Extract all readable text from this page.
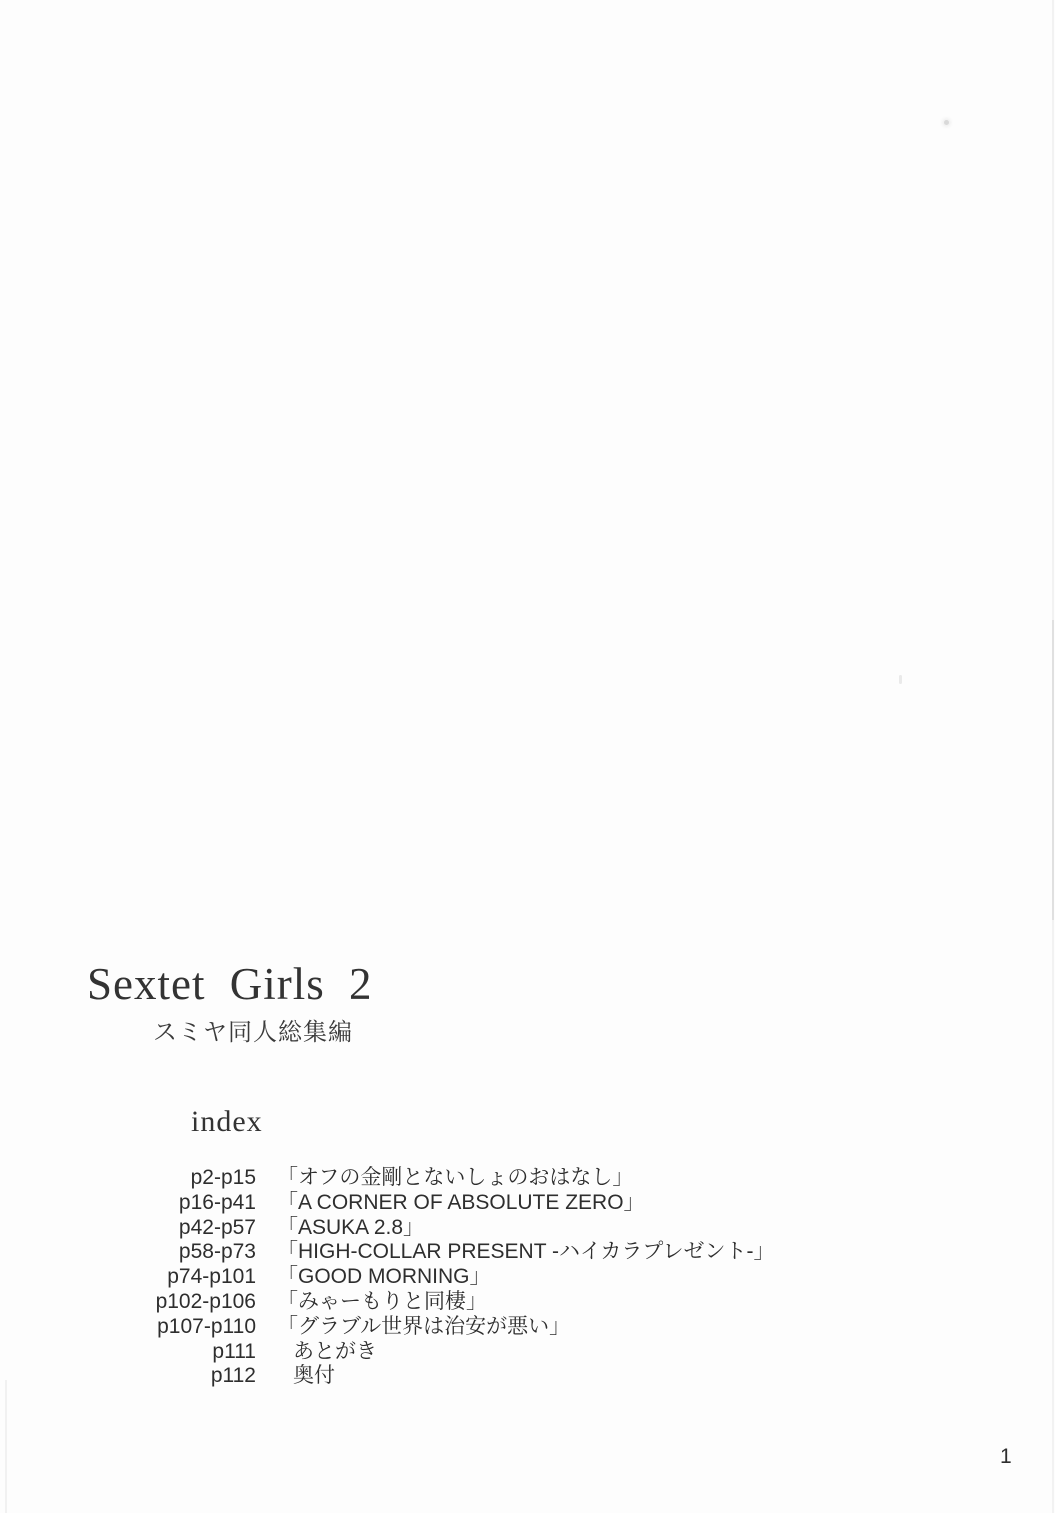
Sextet Girls 2
スミヤ同人総集編
index
p2-p15 「オフの金剛とないしょのおはなし」
p16-p41 「A CORNER OF ABSOLUTE ZERO」
p42-p57 「ASUKA 2.8」
p58-p73 「HIGH-COLLAR PRESENT -ハイカラプレゼント-」
p74-p101 「GOOD MORNING」
p102-p106 「みゃーもりと同棲」
p107-p110 「グラブル世界は治安が悪い」
p111 あとがき
p112 奥付
1
